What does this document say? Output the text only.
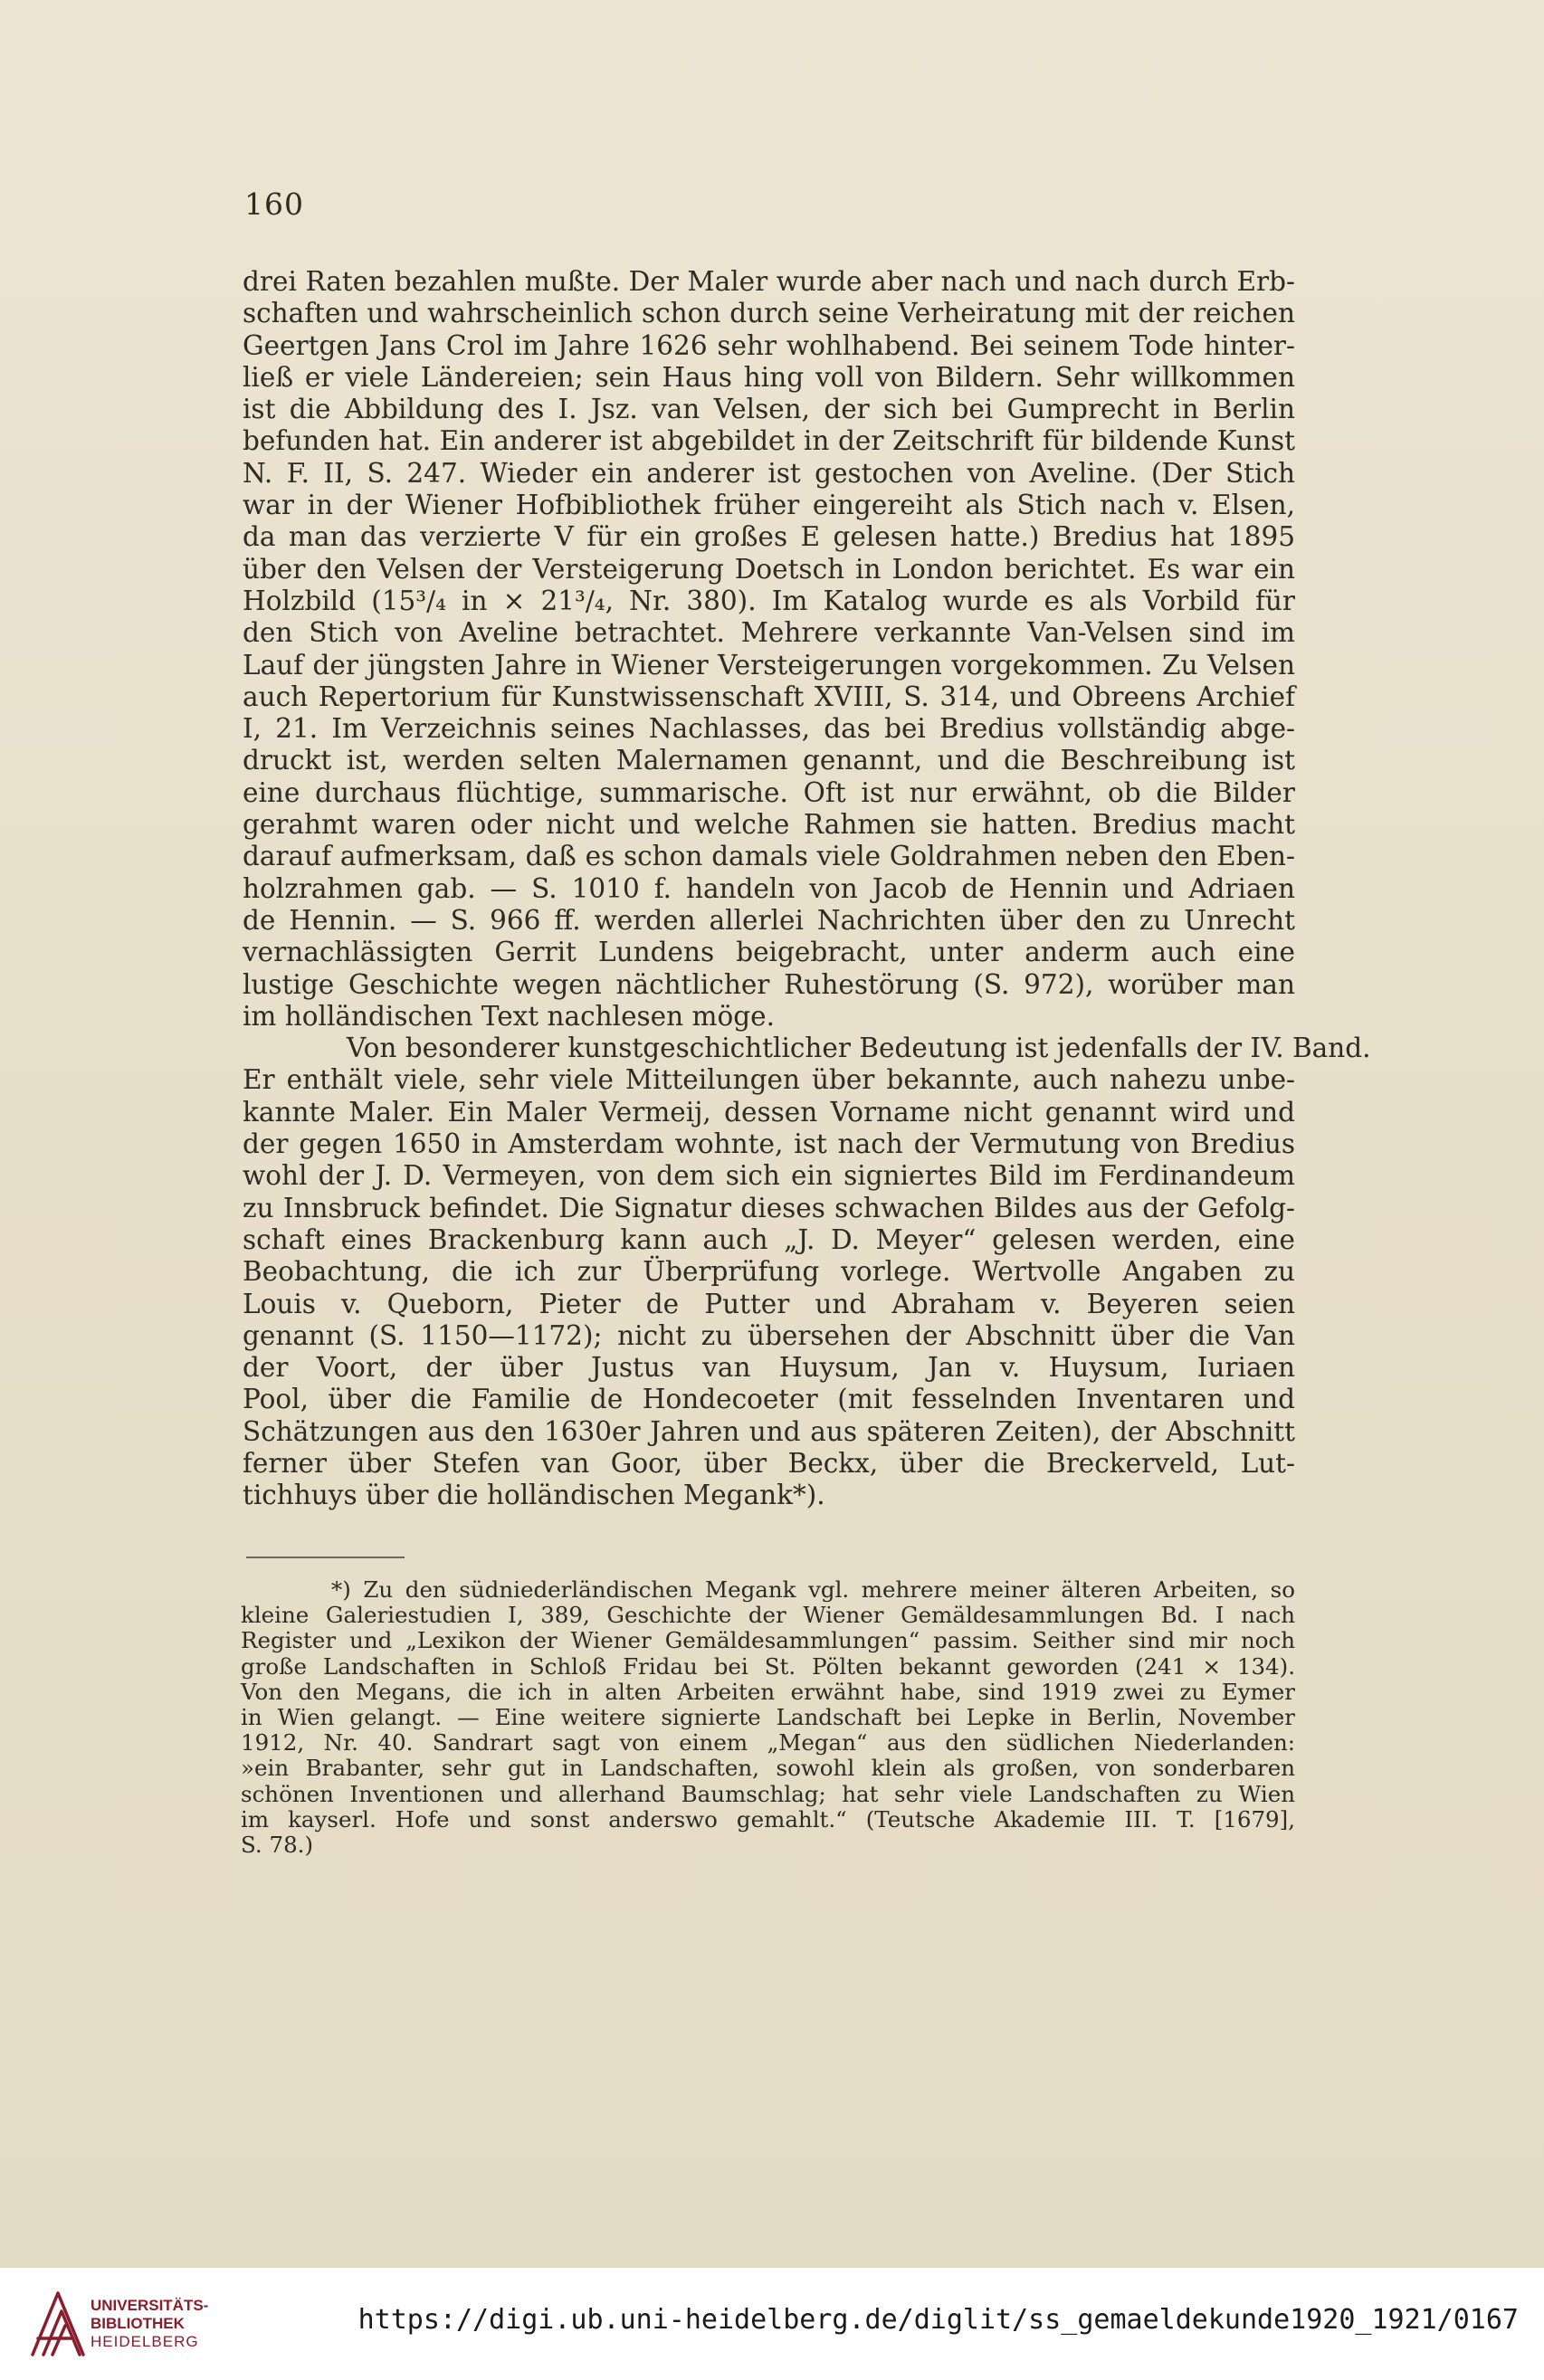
160
drei Raten bezahlen mußte. Der Maler wurde aber nach und nach durch Erb-
schaften und wahrscheinlich schon durch seine Verheiratung mit der reichen
Geertgen Jans Crol im Jahre 1626 sehr wohlhabend. Bei seinem Tode hinter-
ließ er viele Ländereien; sein Haus hing voll von Bildern. Sehr willkommen
ist die Abbildung des I. Jsz. van Velsen, der sich bei Gumprecht in Berlin
befunden hat. Ein anderer ist abgebildet in der Zeitschrift für bildende Kunst
N. F. II, S. 247. Wieder ein anderer ist gestochen von Aveline. (Der Stich
war in der Wiener Hofbibliothek früher eingereiht als Stich nach v. Elsen,
da man das verzierte V für ein großes E gelesen hatte.) Bredius hat 1895
über den Velsen der Versteigerung Doetsch in London berichtet. Es war ein
Holzbild (15³/₄ in × 21³/₄, Nr. 380). Im Katalog wurde es als Vorbild für
den Stich von Aveline betrachtet. Mehrere verkannte Van-Velsen sind im
Lauf der jüngsten Jahre in Wiener Versteigerungen vorgekommen. Zu Velsen
auch Repertorium für Kunstwissenschaft XVIII, S. 314, und Obreens Archief
I, 21. Im Verzeichnis seines Nachlasses, das bei Bredius vollständig abge-
druckt ist, werden selten Malernamen genannt, und die Beschreibung ist
eine durchaus flüchtige, summarische. Oft ist nur erwähnt, ob die Bilder
gerahmt waren oder nicht und welche Rahmen sie hatten. Bredius macht
darauf aufmerksam, daß es schon damals viele Goldrahmen neben den Eben-
holzrahmen gab. — S. 1010 f. handeln von Jacob de Hennin und Adriaen
de Hennin. — S. 966 ff. werden allerlei Nachrichten über den zu Unrecht
vernachlässigten Gerrit Lundens beigebracht, unter anderm auch eine
lustige Geschichte wegen nächtlicher Ruhestörung (S. 972), worüber man
im holländischen Text nachlesen möge.
Von besonderer kunstgeschichtlicher Bedeutung ist jedenfalls der IV. Band.
Er enthält viele, sehr viele Mitteilungen über bekannte, auch nahezu unbe-
kannte Maler. Ein Maler Vermeij, dessen Vorname nicht genannt wird und
der gegen 1650 in Amsterdam wohnte, ist nach der Vermutung von Bredius
wohl der J. D. Vermeyen, von dem sich ein signiertes Bild im Ferdinandeum
zu Innsbruck befindet. Die Signatur dieses schwachen Bildes aus der Gefolg-
schaft eines Brackenburg kann auch „J. D. Meyer“ gelesen werden, eine
Beobachtung, die ich zur Überprüfung vorlege. Wertvolle Angaben zu
Louis v. Queborn, Pieter de Putter und Abraham v. Beyeren seien
genannt (S. 1150—1172); nicht zu übersehen der Abschnitt über die Van
der Voort, der über Justus van Huysum, Jan v. Huysum, Iuriaen
Pool, über die Familie de Hondecoeter (mit fesselnden Inventaren und
Schätzungen aus den 1630er Jahren und aus späteren Zeiten), der Abschnitt
ferner über Stefen van Goor, über Beckx, über die Breckerveld, Lut-
tichhuys über die holländischen Megank*).
*) Zu den südniederländischen Megank vgl. mehrere meiner älteren Arbeiten, so
kleine Galeriestudien I, 389, Geschichte der Wiener Gemäldesammlungen Bd. I nach
Register und „Lexikon der Wiener Gemäldesammlungen“ passim. Seither sind mir noch
große Landschaften in Schloß Fridau bei St. Pölten bekannt geworden (241 × 134).
Von den Megans, die ich in alten Arbeiten erwähnt habe, sind 1919 zwei zu Eymer
in Wien gelangt. — Eine weitere signierte Landschaft bei Lepke in Berlin, November
1912, Nr. 40. Sandrart sagt von einem „Megan“ aus den südlichen Niederlanden:
»ein Brabanter, sehr gut in Landschaften, sowohl klein als großen, von sonderbaren
schönen Inventionen und allerhand Baumschlag; hat sehr viele Landschaften zu Wien
im kayserl. Hofe und sonst anderswo gemahlt.“ (Teutsche Akademie III. T. [1679],
S. 78.)
UNIVERSITÄTS-
BIBLIOTHEK
HEIDELBERG
https://digi.ub.uni-heidelberg.de/diglit/ss_gemaeldekunde1920_1921/0167
